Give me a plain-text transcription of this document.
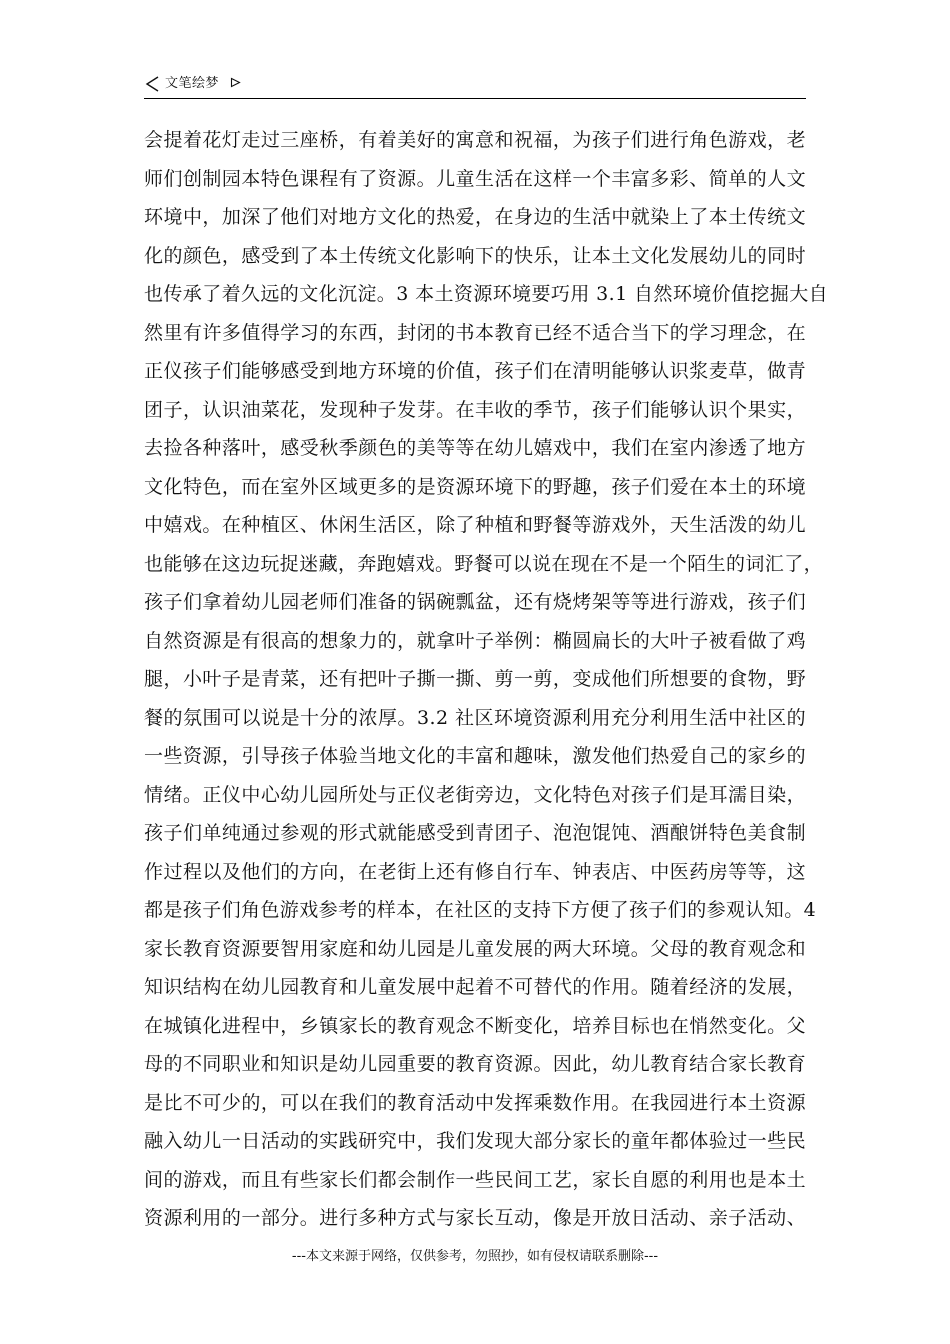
文笔绘梦
会提着花灯走过三座桥，有着美好的寓意和祝福，为孩子们进行角色游戏，老
师们创制园本特色课程有了资源。儿童生活在这样一个丰富多彩、简单的人文
环境中，加深了他们对地方文化的热爱，在身边的生活中就染上了本土传统文
化的颜色，感受到了本土传统文化影响下的快乐，让本土文化发展幼儿的同时
也传承了着久远的文化沉淀。3 本土资源环境要巧用 3.1 自然环境价值挖掘大自
然里有许多值得学习的东西，封闭的书本教育已经不适合当下的学习理念，在
正仪孩子们能够感受到地方环境的价值，孩子们在清明能够认识浆麦草，做青
团子，认识油菜花，发现种子发芽。在丰收的季节，孩子们能够认识个果实，
去捡各种落叶，感受秋季颜色的美等等在幼儿嬉戏中，我们在室内渗透了地方
文化特色，而在室外区域更多的是资源环境下的野趣，孩子们爱在本土的环境
中嬉戏。在种植区、休闲生活区，除了种植和野餐等游戏外，天生活泼的幼儿
也能够在这边玩捉迷藏，奔跑嬉戏。野餐可以说在现在不是一个陌生的词汇了，
孩子们拿着幼儿园老师们准备的锅碗瓢盆，还有烧烤架等等进行游戏，孩子们
自然资源是有很高的想象力的，就拿叶子举例：椭圆扁长的大叶子被看做了鸡
腿，小叶子是青菜，还有把叶子撕一撕、剪一剪，变成他们所想要的食物，野
餐的氛围可以说是十分的浓厚。3.2 社区环境资源利用充分利用生活中社区的
一些资源，引导孩子体验当地文化的丰富和趣味，激发他们热爱自己的家乡的
情绪。正仪中心幼儿园所处与正仪老街旁边，文化特色对孩子们是耳濡目染，
孩子们单纯通过参观的形式就能感受到青团子、泡泡馄饨、酒酿饼特色美食制
作过程以及他们的方向，在老街上还有修自行车、钟表店、中医药房等等，这
都是孩子们角色游戏参考的样本，在社区的支持下方便了孩子们的参观认知。4
家长教育资源要智用家庭和幼儿园是儿童发展的两大环境。父母的教育观念和
知识结构在幼儿园教育和儿童发展中起着不可替代的作用。随着经济的发展，
在城镇化进程中，乡镇家长的教育观念不断变化，培养目标也在悄然变化。父
母的不同职业和知识是幼儿园重要的教育资源。因此，幼儿教育结合家长教育
是比不可少的，可以在我们的教育活动中发挥乘数作用。在我园进行本土资源
融入幼儿一日活动的实践研究中，我们发现大部分家长的童年都体验过一些民
间的游戏，而且有些家长们都会制作一些民间工艺，家长自愿的利用也是本土
资源利用的一部分。进行多种方式与家长互动，像是开放日活动、亲子活动、
---本文来源于网络，仅供参考，勿照抄，如有侵权请联系删除---
